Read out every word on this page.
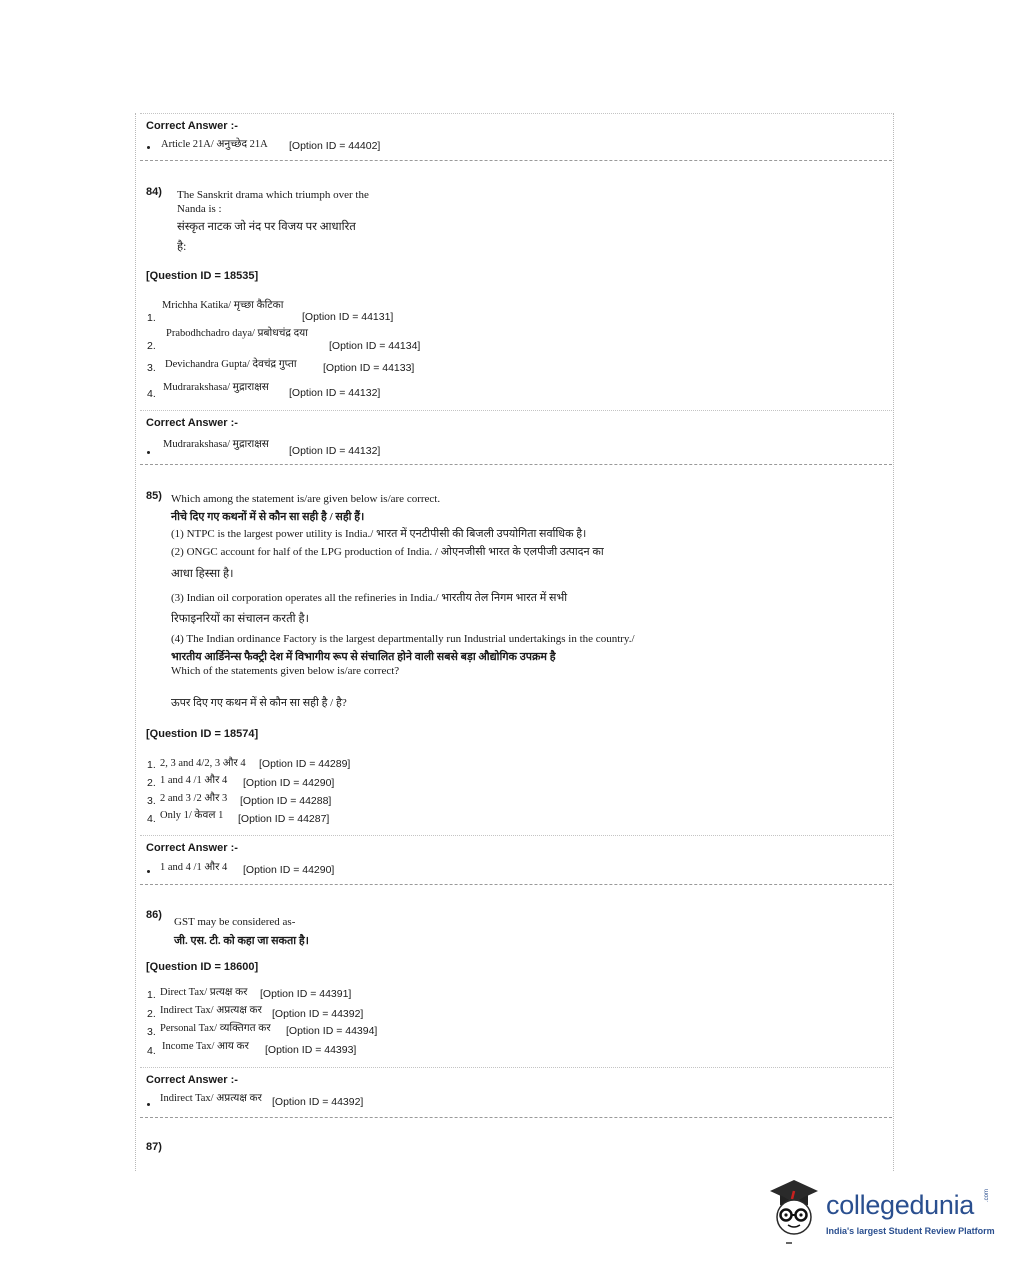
Correct Answer :-
Article 21A/ अनुच्छेद 21A [Option ID = 44402]
84) The Sanskrit drama which triumph over the
Nanda is :
संस्कृत नाटक जो नंद पर विजय पर आधारित
है:
[Question ID = 18535]
1.
Mrichha Katika/ मृच्छा कैटिका
[Option ID = 44131]
2.
Prabodhchadro daya/ प्रबोधचंद्र दया
[Option ID = 44134]
3. Devichandra Gupta/ देवचंद्र गुप्ता	[Option ID = 44133]
4.
Mudrarakshasa/ मुद्राराक्षस [Option ID = 44132]
Correct Answer :-
Mudrarakshasa/ मुद्राराक्षस
[Option ID = 44132]
85) Which among the statement is/are given below is/are correct.
नीचे दिए गए कथनों में से कौन सा सही है / सही हैं।
(1) NTPC is the largest power utility is India./ भारत में एनटीपीसी की बिजली उपयोगिता सर्वाधिक है।
(2) ONGC account for half of the LPG production of India. / ओएनजीसी भारत के एलपीजी उत्पादन का
आधा हिस्सा है।
(3) Indian oil corporation operates all the refineries in India./ भारतीय तेल निगम भारत में सभी
रिफाइनरियों का संचालन करती है।
(4) The Indian ordinance Factory is the largest departmentally run Industrial undertakings in the country./
भारतीय आर्डिनेन्स फैक्ट्री देश में विभागीय रूप से संचालित होने वाली सबसे बड़ा औद्योगिक उपक्रम है
Which of the statements given below is/are correct?
ऊपर दिए गए कथन में से कौन सा सही है / है?
[Question ID = 18574]
1. 2, 3 and 4/2, 3 और 4 [Option ID = 44289]
2. 1 and 4 /1 और 4 [Option ID = 44290]
3. 2 and 3 /2 और 3 [Option ID = 44288]
4. Only 1/ केवल 1 [Option ID = 44287]
Correct Answer :-
1 and 4 /1 और 4 [Option ID = 44290]
86)
GST may be considered as-
जी. एस. टी. को कहा जा सकता है।
[Question ID = 18600]
1. Direct Tax/ प्रत्यक्ष कर [Option ID = 44391]
2. Indirect Tax/ अप्रत्यक्ष कर [Option ID = 44392]
3. Personal Tax/ व्यक्तिगत कर [Option ID = 44394]
4. Income Tax/ आय कर [Option ID = 44393]
Correct Answer :-
Indirect Tax/ अप्रत्यक्ष कर [Option ID = 44392]
87)
collegedunia .com
India's largest Student Review Platform
